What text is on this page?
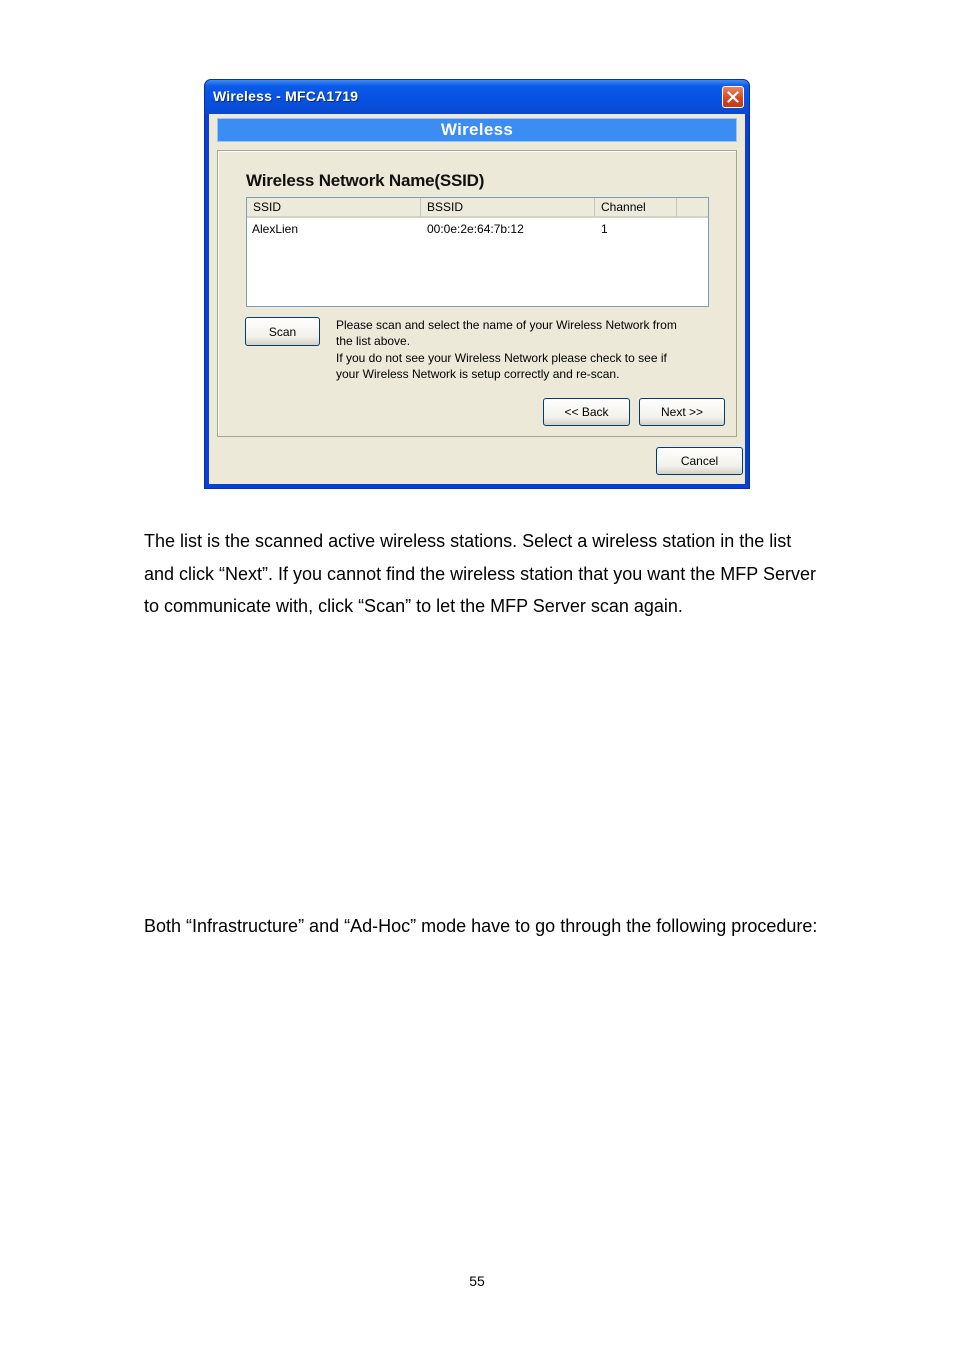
Wireless - MFCA1719
Wireless
Wireless Network Name(SSID)
SSID	BSSID	Channel
AlexLien	00:0e:2e:64:7b:12	1
Scan	Please scan and select the name of your Wireless Network from
the list above.
If you do not see your Wireless Network please check to see if
your Wireless Network is setup correctly and re-scan.
<< Back	Next >>
Cancel
The list is the scanned active wireless stations. Select a wireless station in the list and click “Next”. If you cannot find the wireless station that you want the MFP Server to communicate with, click “Scan” to let the MFP Server scan again.
Both “Infrastructure” and “Ad-Hoc” mode have to go through the following procedure:
55
